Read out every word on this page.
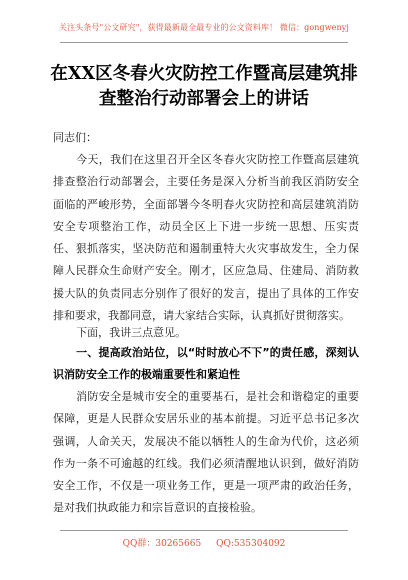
关注头条号"公文研究"，获得最新最全最专业的公文资料库！ 微信：gongwenyj
在XX区冬春火灾防控工作暨高层建筑排
查整治行动部署会上的讲话
同志们：
今天，我们在这里召开全区冬春火灾防控工作暨高层建筑排查整治行动部署会，主要任务是深入分析当前我区消防安全面临的严峻形势，全面部署今冬明春火灾防控和高层建筑消防安全专项整治工作，动员全区上下进一步统一思想、压实责任、狠抓落实，坚决防范和遏制重特大火灾事故发生，全力保障人民群众生命财产安全。刚才，区应急局、住建局、消防救援大队的负责同志分别作了很好的发言，提出了具体的工作安排和要求，我都同意，请大家结合实际，认真抓好贯彻落实。
下面，我讲三点意见。
一、提高政治站位，以“时时放心不下”的责任感，深刻认识消防安全工作的极端重要性和紧迫性
消防安全是城市安全的重要基石，是社会和谐稳定的重要保障，更是人民群众安居乐业的基本前提。习近平总书记多次强调，人命关天，发展决不能以牺牲人的生命为代价，这必须作为一条不可逾越的红线。我们必须清醒地认识到，做好消防安全工作，不仅是一项业务工作，更是一项严肃的政治任务，是对我们执政能力和宗旨意识的直接检验。
QQ群：30265665 QQ:535304092
